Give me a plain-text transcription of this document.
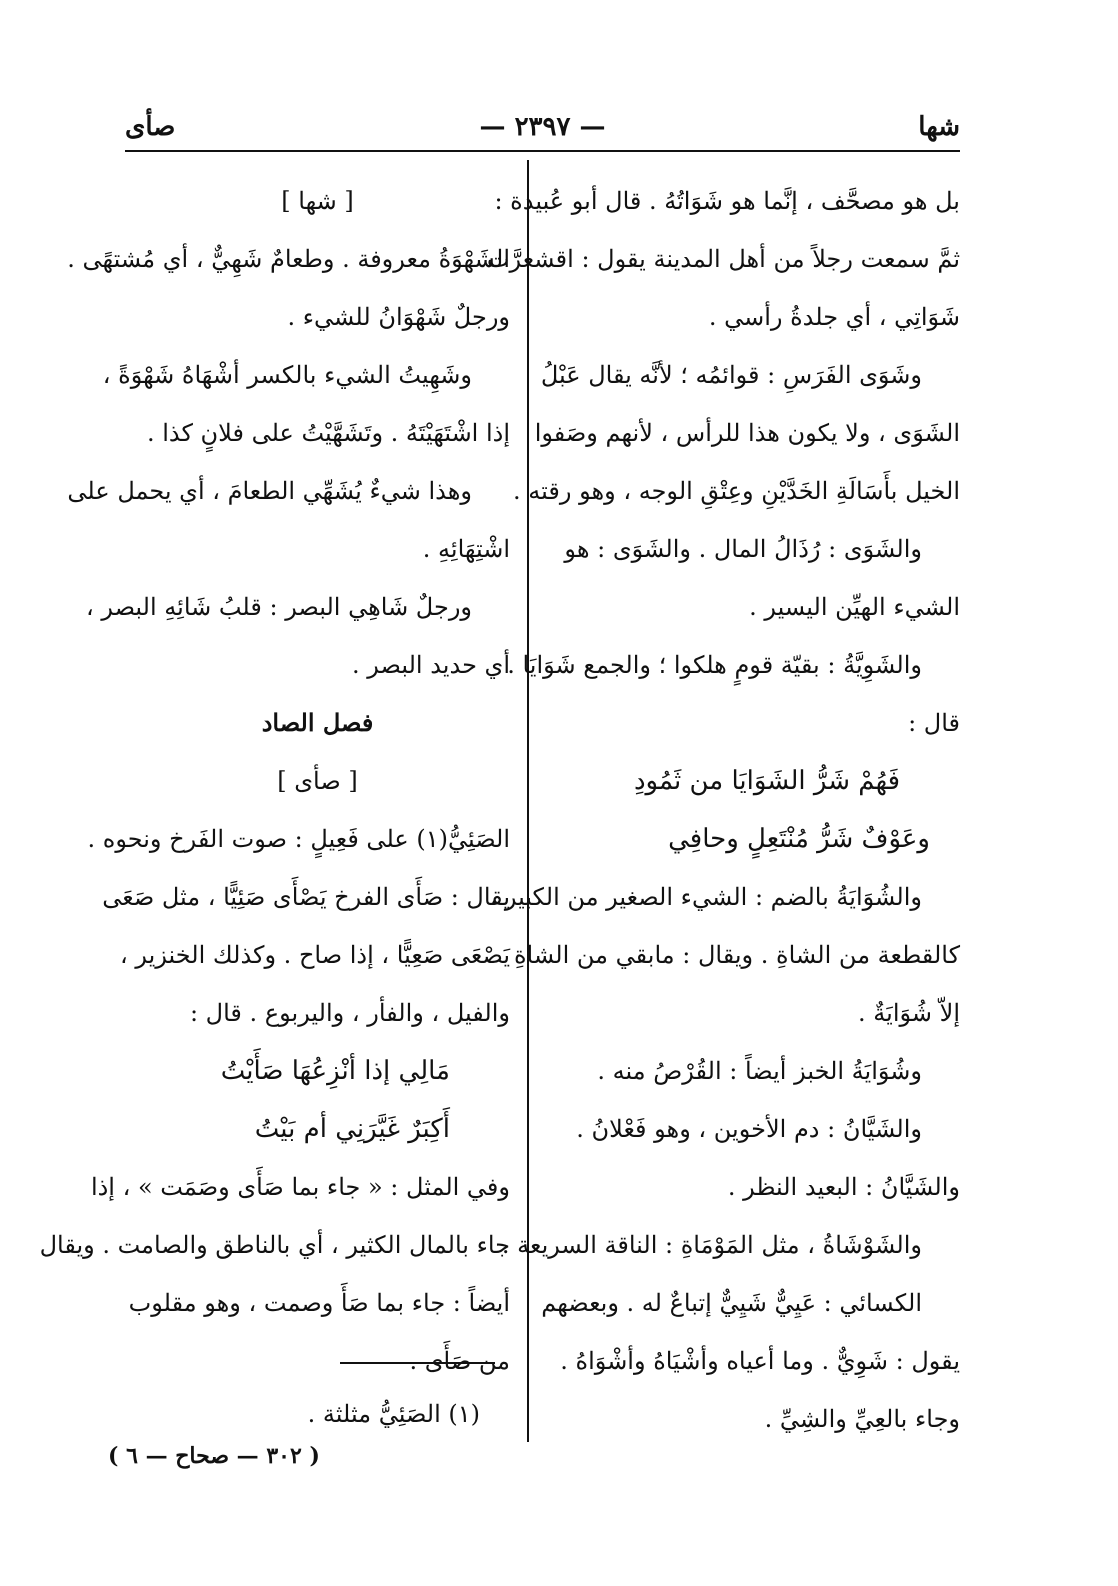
شها
— ٢٣٩٧ —
صأى
بل هو مصحَّف ، إنَّما هو شَوَاتُهُ . قال أبو عُبيدة :
ثمَّ سمعت رجلاً من أهل المدينة يقول : اقشعرَّت
شَوَاتِي ، أي جلدةُ رأسي .
وشَوَى الفَرَسِ : قوائمُه ؛ لأنَّه يقال عَبْلُ
الشَوَى ، ولا يكون هذا للرأس ، لأنهم وصَفوا
الخيل بأَسَالَةِ الخَدَّيْنِ وعِتْقِ الوجه ، وهو رقته .
والشَوَى : رُذَالُ المال . والشَوَى : هو
الشيء الهيِّن اليسير .
والشَوِيَّةُ : بقيّة قومٍ هلكوا ؛ والجمع شَوَايَا .
قال :
فَهُمْ شَرُّ الشَوَايَا من ثَمُودِ
وعَوْفٌ شَرُّ مُنْتَعِلٍ وحافِي
والشُوَايَةُ بالضم : الشيء الصغير من الكبير ،
كالقطعة من الشاةِ . ويقال : مابقي من الشاةِ
إلاّ شُوَايَةٌ .
وشُوَايَةُ الخبز أيضاً : القُرْصُ منه .
والشَيَّانُ : دم الأخوين ، وهو فَعْلانُ .
والشَيَّانُ : البعيد النظر .
والشَوْشَاةُ ، مثل المَوْمَاةِ : الناقة السريعة .
الكسائي : عَيِيٌّ شَيِيٌّ إتباعٌ له . وبعضهم
يقول : شَوِيٌّ . وما أعياه وأشْيَاهُ وأشْوَاهُ .
وجاء بالعِيِّ والشِيِّ .
[ شها ]
الشَهْوَةُ معروفة . وطعامٌ شَهِيٌّ ، أي مُشتهًى .
ورجلٌ شَهْوَانُ للشيء .
وشَهِيتُ الشيء بالكسر أشْهَاهُ شَهْوَةً ،
إذا اشْتَهَيْتَهُ . وتَشَهَّيْتُ على فلانٍ كذا .
وهذا شيءٌ يُشَهِّي الطعامَ ، أي يحمل على
اشْتِهَائِهِ .
ورجلٌ شَاهِي البصر : قلبُ شَائِهِ البصر ،
أي حديد البصر .
فصل الصاد
[ صأى ]
الصَئِيُّ(١) على فَعِيلٍ : صوت الفَرخ ونحوه .
يقال : صَأَى الفرخ يَصْأَى صَئِيًّا ، مثل صَعَى
يَصْعَى صَعِيًّا ، إذا صاح . وكذلك الخنزير ،
والفيل ، والفأر ، واليربوع . قال :
مَالِي إذا أنْزِعُهَا صَأَيْتُ
أَكِبَرٌ غَيَّرَنِي أم بَيْتُ
وفي المثل : « جاء بما صَأَى وصَمَت » ، إذا
جاء بالمال الكثير ، أي بالناطق والصامت . ويقال
أيضاً : جاء بما صَأَ وصمت ، وهو مقلوب
من صَأَى .
(١) الصَئِيُّ مثلثة .
( ٣٠٢ — صحاح — ٦ )
